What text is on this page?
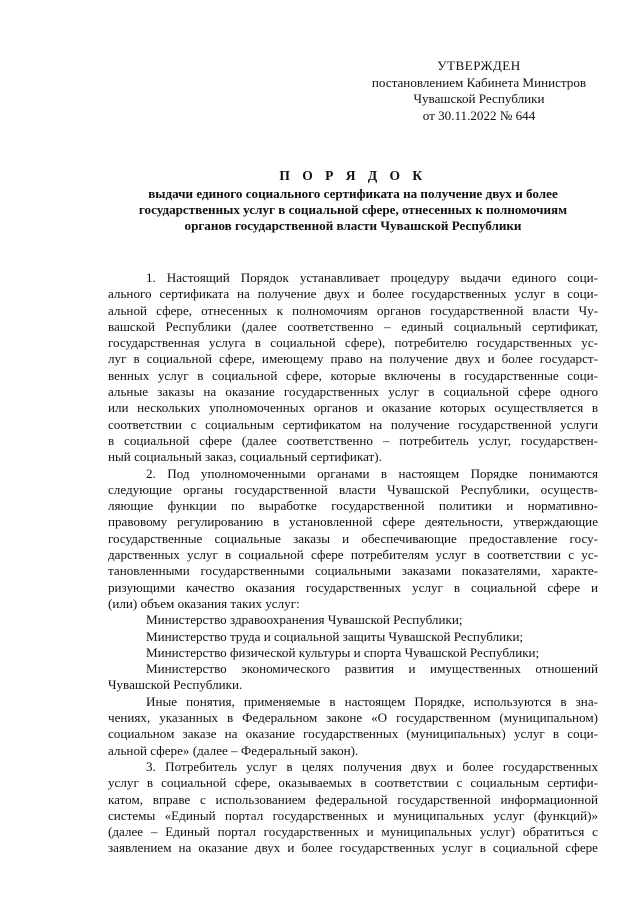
УТВЕРЖДЕН
постановлением Кабинета Министров
Чувашской Республики
от 30.11.2022 № 644
П О Р Я Д О К
выдачи единого социального сертификата на получение двух и более
государственных услуг в социальной сфере, отнесенных к полномочиям
органов государственной власти Чувашской Республики
1. Настоящий Порядок устанавливает процедуру выдачи единого соци-
ального сертификата на получение двух и более государственных услуг в соци-
альной сфере, отнесенных к полномочиям органов государственной власти Чу-
вашской Республики (далее соответственно – единый социальный сертификат,
государственная услуга в социальной сфере), потребителю государственных ус-
луг в социальной сфере, имеющему право на получение двух и более государст-
венных услуг в социальной сфере, которые включены в государственные соци-
альные заказы на оказание государственных услуг в социальной сфере одного
или нескольких уполномоченных органов и оказание которых осуществляется в
соответствии с социальным сертификатом на получение государственной услуги
в социальной сфере (далее соответственно – потребитель услуг, государствен-
ный социальный заказ, социальный сертификат).
2. Под уполномоченными органами в настоящем Порядке понимаются
следующие органы государственной власти Чувашской Республики, осуществ-
ляющие функции по выработке государственной политики и нормативно-
правовому регулированию в установленной сфере деятельности, утверждающие
государственные социальные заказы и обеспечивающие предоставление госу-
дарственных услуг в социальной сфере потребителям услуг в соответствии с ус-
тановленными государственными социальными заказами показателями, характе-
ризующими качество оказания государственных услуг в социальной сфере и
(или) объем оказания таких услуг:
Министерство здравоохранения Чувашской Республики;
Министерство труда и социальной защиты Чувашской Республики;
Министерство физической культуры и спорта Чувашской Республики;
Министерство экономического развития и имущественных отношений
Чувашской Республики.
Иные понятия, применяемые в настоящем Порядке, используются в зна-
чениях, указанных в Федеральном законе «О государственном (муниципальном)
социальном заказе на оказание государственных (муниципальных) услуг в соци-
альной сфере» (далее – Федеральный закон).
3. Потребитель услуг в целях получения двух и более государственных
услуг в социальной сфере, оказываемых в соответствии с социальным сертифи-
катом, вправе с использованием федеральной государственной информационной
системы «Единый портал государственных и муниципальных услуг (функций)»
(далее – Единый портал государственных и муниципальных услуг) обратиться с
заявлением на оказание двух и более государственных услуг в социальной сфере
